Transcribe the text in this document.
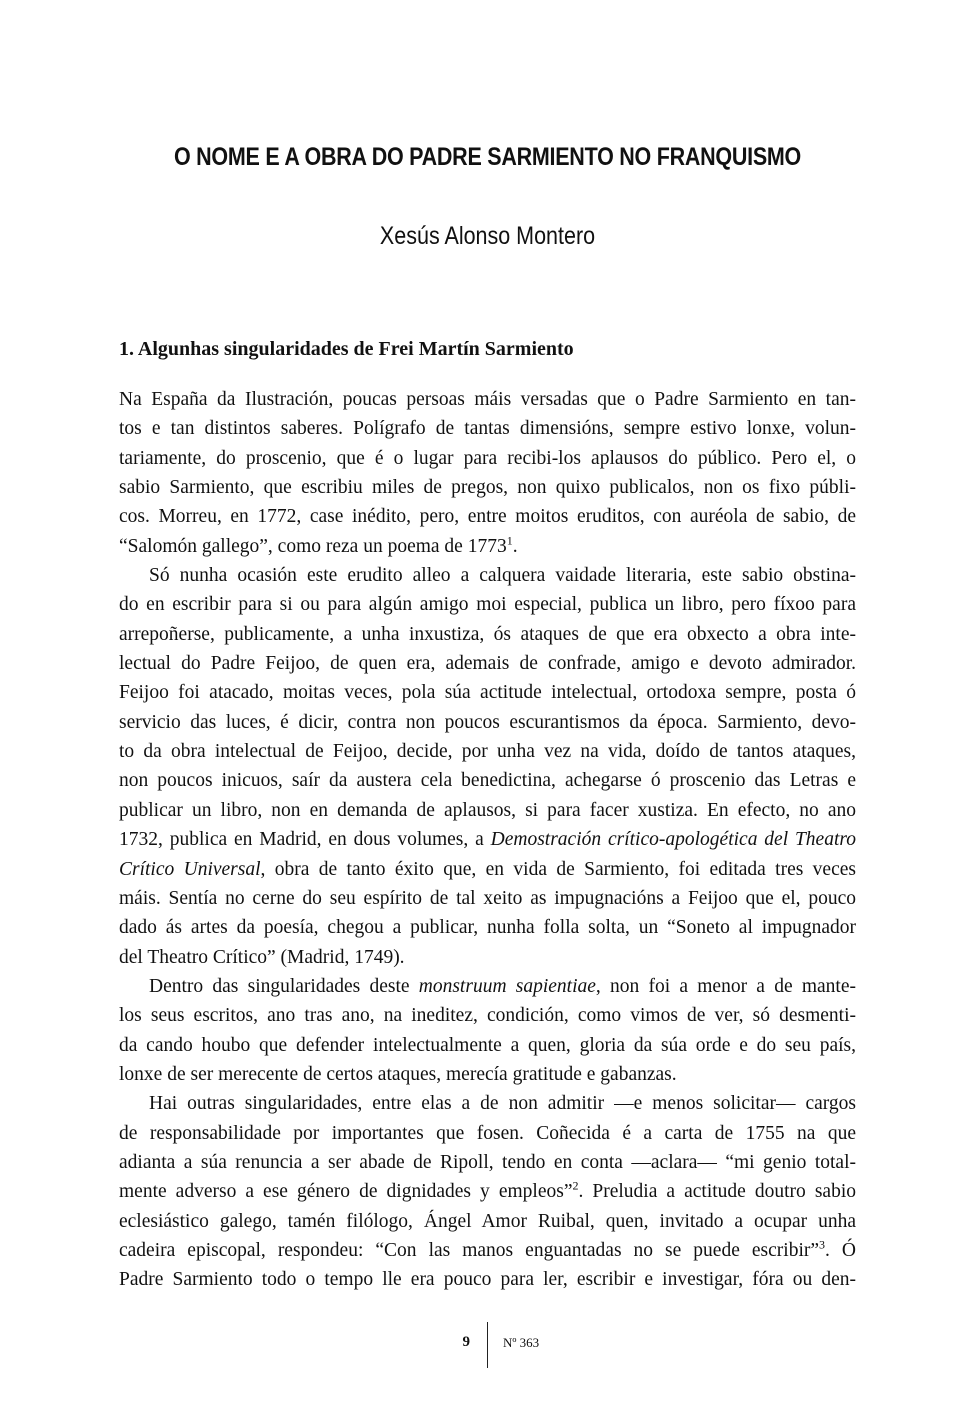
O NOME E A OBRA DO PADRE SARMIENTO NO FRANQUISMO
Xesús Alonso Montero
1. Algunhas singularidades de Frei Martín Sarmiento
Na España da Ilustración, poucas persoas máis versadas que o Padre Sarmiento en tan-
tos e tan distintos saberes. Polígrafo de tantas dimensións, sempre estivo lonxe, volun-
tariamente, do proscenio, que é o lugar para recibi-los aplausos do público. Pero el, o
sabio Sarmiento, que escribiu miles de pregos, non quixo publicalos, non os fixo públi-
cos. Morreu, en 1772, case inédito, pero, entre moitos eruditos, con auréola de sabio, de
“Salomón gallego”, como reza un poema de 1773$^1$.
Só nunha ocasión este erudito alleo a calquera vaidade literaria, este sabio obstina-
do en escribir para si ou para algún amigo moi especial, publica un libro, pero fíxoo para
arrepoñerse, publicamente, a unha inxustiza, ós ataques de que era obxecto a obra inte-
lectual do Padre Feijoo, de quen era, ademais de confrade, amigo e devoto admirador.
Feijoo foi atacado, moitas veces, pola súa actitude intelectual, ortodoxa sempre, posta ó
servicio das luces, é dicir, contra non poucos escurantismos da época. Sarmiento, devo-
to da obra intelectual de Feijoo, decide, por unha vez na vida, doído de tantos ataques,
non poucos inicuos, saír da austera cela benedictina, achegarse ó proscenio das Letras e
publicar un libro, non en demanda de aplausos, si para facer xustiza. En efecto, no ano
1732, publica en Madrid, en dous volumes, a Demostración crítico-apologética del Theatro
Crítico Universal, obra de tanto éxito que, en vida de Sarmiento, foi editada tres veces
máis. Sentía no cerne do seu espírito de tal xeito as impugnacións a Feijoo que el, pouco
dado ás artes da poesía, chegou a publicar, nunha folla solta, un “Soneto al impugnador
del Theatro Crítico” (Madrid, 1749).
Dentro das singularidades deste monstruum sapientiae, non foi a menor a de mante-
los seus escritos, ano tras ano, na ineditez, condición, como vimos de ver, só desmenti-
da cando houbo que defender intelectualmente a quen, gloria da súa orde e do seu país,
lonxe de ser merecente de certos ataques, merecía gratitude e gabanzas.
Hai outras singularidades, entre elas a de non admitir —e menos solicitar— cargos
de responsabilidade por importantes que fosen. Coñecida é a carta de 1755 na que
adianta a súa renuncia a ser abade de Ripoll, tendo en conta —aclara— “mi genio total-
mente adverso a ese género de dignidades y empleos”$^2$. Preludia a actitude doutro sabio
eclesiástico galego, tamén filólogo, Ángel Amor Ruibal, quen, invitado a ocupar unha
cadeira episcopal, respondeu: “Con las manos enguantadas no se puede escribir”$^3$. Ó
Padre Sarmiento todo o tempo lle era pouco para ler, escribir e investigar, fóra ou den-
9	Nº 363
